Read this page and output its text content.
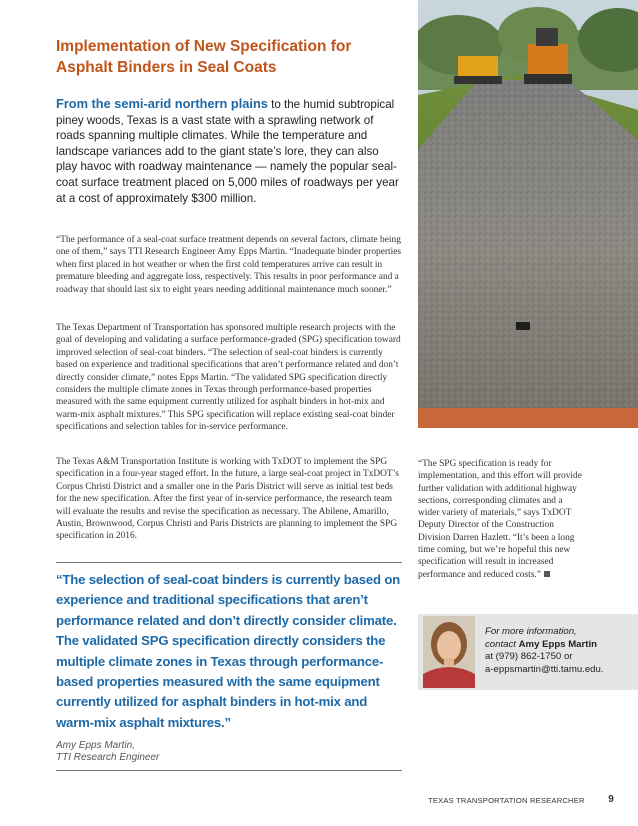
Implementation of New Specification for Asphalt Binders in Seal Coats
From the semi-arid northern plains to the humid subtropical piney woods, Texas is a vast state with a sprawling network of roads spanning multiple climates. While the temperature and landscape variances add to the giant state’s lore, they can also play havoc with roadway maintenance — namely the popular seal-coat surface treatment placed on 5,000 miles of roadways per year at a cost of approximately $300 million.

“The performance of a seal-coat surface treatment depends on several factors, climate being one of them,” says TTI Research Engineer Amy Epps Martin. “Inadequate binder properties when first placed in hot weather or when the first cold temperatures arrive can result in premature bleeding and aggregate loss, respectively. This results in poor performance and a roadway that should last six to eight years needing additional maintenance much sooner.”

The Texas Department of Transportation has sponsored multiple research projects with the goal of developing and validating a surface performance-graded (SPG) specification toward improved selection of seal-coat binders. “The selection of seal-coat binders is currently based on experience and traditional specifications that aren’t performance related and don’t directly consider climate,” notes Epps Martin. “The validated SPG specification directly considers the multiple climate zones in Texas through performance-based properties measured with the same equipment currently utilized for asphalt binders in hot-mix and warm-mix asphalt mixtures.” This SPG specification will replace existing seal-coat binder specifications and selection tables for in-service performance.

The Texas A&M Transportation Institute is working with TxDOT to implement the SPG specification in a four-year staged effort. In the future, a large seal-coat project in TxDOT’s Corpus Christi District and a smaller one in the Paris District will serve as initial test beds for the new specification. After the first year of in-service performance, the research team will evaluate the results and revise the specification as necessary. The Abilene, Amarillo, Austin, Brownwood, Corpus Christi and Paris Districts are planning to implement the SPG specification in 2016.

“The SPG specification is ready for implementation, and this effort will provide further validation with additional highway sections, corresponding climates and a wider variety of materials,” says TxDOT Deputy Director of the Construction Division Darren Hazlett. “It’s been a long time coming, but we’re hopeful this new specification will result in increased performance and reduced costs.”

“The selection of seal-coat binders is currently based on experience and traditional specifications that aren’t performance related and don’t directly consider climate. The validated SPG specification directly considers the multiple climate zones in Texas through performance-based properties measured with the same equipment currently utilized for asphalt binders in hot-mix and warm-mix asphalt mixtures.”
Amy Epps Martin,
TTI Research Engineer
For more information,
contact Amy Epps Martin
at (979) 862-1750 or
a-eppsmartin@tti.tamu.edu.
TEXAS TRANSPORTATION RESEARCHER 9
